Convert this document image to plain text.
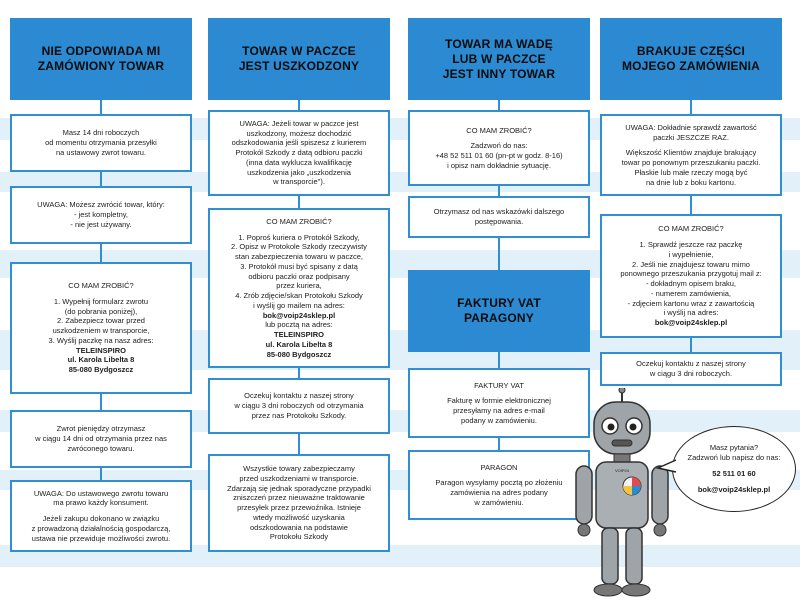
NIE ODPOWIADA MI
ZAMÓWIONY TOWAR
Masz 14 dni roboczych
od momentu otrzymania przesyłki
na ustawowy zwrot towaru.
UWAGA: Możesz zwrócić towar, który:
- jest kompletny,
- nie jest używany.
CO MAM ZROBIĆ?
1. Wypełnij formularz zwrotu
(do pobrania poniżej),
2. Zabezpiecz towar przed
uszkodzeniem w transporcie,
3. Wyślij paczkę na nasz adres:
TELEINSPIRO
ul. Karola Libelta 8
85-080 Bydgoszcz
Zwrot pieniędzy otrzymasz
w ciągu 14 dni od otrzymania przez nas
zwróconego towaru.
UWAGA: Do ustawowego zwrotu towaru
ma prawo każdy konsument.
Jeżeli zakupu dokonano w związku
z prowadzoną działalnością gospodarczą,
ustawa nie przewiduje możliwości zwrotu.
TOWAR W PACZCE
JEST USZKODZONY
UWAGA: Jeżeli towar w paczce jest
uszkodzony, możesz dochodzić
odszkodowania jeśli spiszesz z kurierem
Protokół Szkody z datą odbioru paczki
(inna data wyklucza kwalifikację
uszkodzenia jako „uszkodzenia
w transporcie").
CO MAM ZROBIĆ?
1. Poproś kuriera o Protokół Szkody,
2. Opisz w Protokole Szkody rzeczywisty
stan zabezpieczenia towaru w paczce,
3. Protokół musi być spisany z datą
odbioru paczki oraz podpisany
przez kuriera,
4. Zrób zdjęcie/skan Protokołu Szkody
i wyślij go mailem na adres:
bok@voip24sklep.pl
lub pocztą na adres:
TELEINSPIRO
ul. Karola Libelta 8
85-080 Bydgoszcz
Oczekuj kontaktu z naszej strony
w ciągu 3 dni roboczych od otrzymania
przez nas Protokołu Szkody.
Wszystkie towary zabezpieczamy
przed uszkodzeniami w transporcie.
Zdarzają się jednak sporadyczne przypadki
zniszczeń przez nieuważne traktowanie
przesyłek przez przewoźnika. Istnieje
wtedy możliwość uzyskania
odszkodowania na podstawie
Protokołu Szkody
TOWAR MA WADĘ
LUB W PACZCE
JEST INNY TOWAR
CO MAM ZROBIĆ?
Zadzwoń do nas:
+48 52 511 01 60 (pn-pt w godz. 8-16)
i opisz nam dokładnie sytuację.
Otrzymasz od nas wskazówki dalszego
postępowania.
FAKTURY VAT
PARAGONY
FAKTURY VAT
Fakturę w formie elektronicznej
przesyłamy na adres e-mail
podany w zamówieniu.
PARAGON
Paragon wysyłamy pocztą po złożeniu
zamówienia na adres podany
w zamówieniu.
BRAKUJE CZĘŚCI
MOJEGO ZAMÓWIENIA
UWAGA: Dokładnie sprawdź zawartość
paczki JESZCZE RAZ.
Większość Klientów znajduje brakujący
towar po ponownym przeszukaniu paczki.
Płaskie lub małe rzeczy mogą być
na dnie lub z boku kartonu.
CO MAM ZROBIĆ?
1. Sprawdź jeszcze raz paczkę
i wypełnienie,
2. Jeśli nie znajdujesz towaru mimo
ponownego przeszukania przygotuj mail z:
- dokładnym opisem braku,
- numerem zamówienia,
- zdjęciem kartonu wraz z zawartością
i wyślij na adres:
bok@voip24sklep.pl
Oczekuj kontaktu z naszej strony
w ciągu 3 dni roboczych.
VOIP24
Masz pytania?
Zadzwoń lub napisz do nas:
52 511 01 60
bok@voip24sklep.pl
